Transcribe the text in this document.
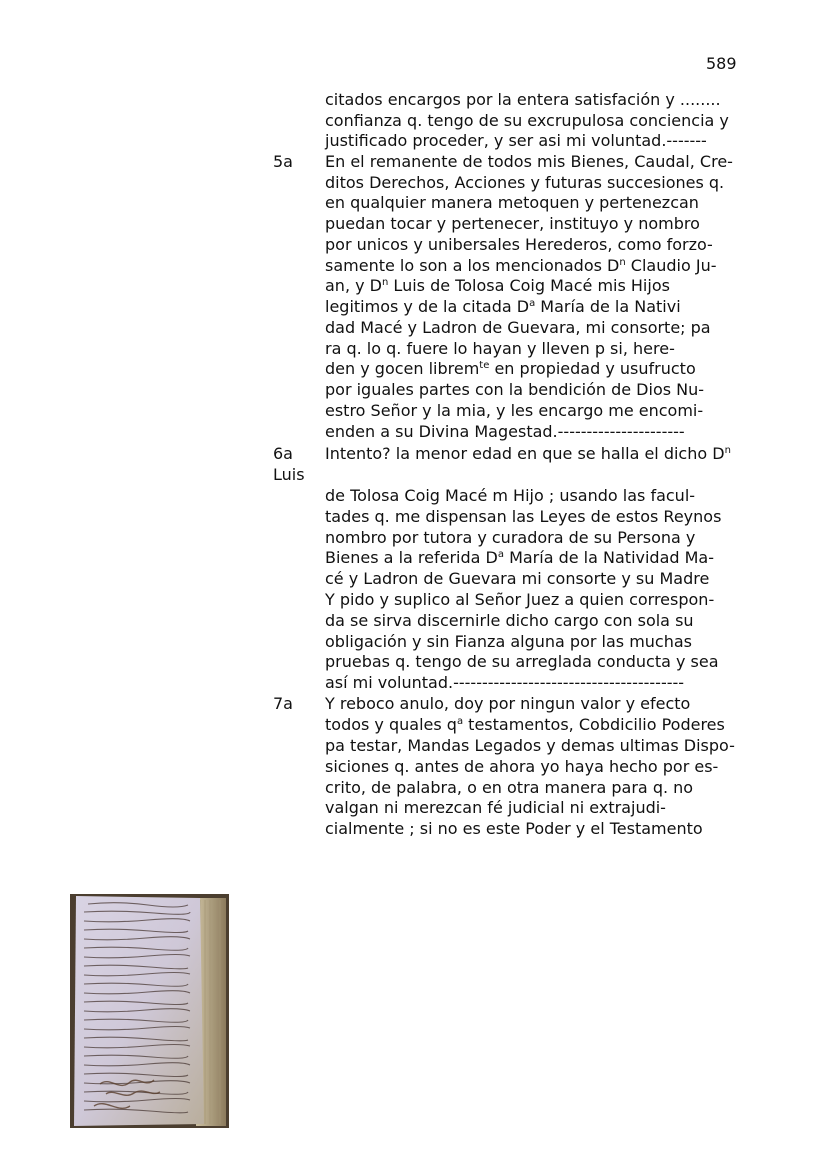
589
5a
6a
Luis
7a
citados encargos por la entera satisfación y ........
confianza q. tengo de su excrupulosa conciencia y
justificado proceder, y ser asi mi voluntad.-------
En el remanente de todos mis Bienes, Caudal, Cre-
ditos Derechos, Acciones y futuras succesiones q.
en qualquier manera metoquen y pertenezcan
puedan tocar y pertenecer, instituyo y nombro
por unicos y unibersales Herederos, como forzo-
samente lo son a los mencionados $D^n$ Claudio Ju-
an, y $D^n$ Luis de Tolosa Coig Macé mis Hijos
legitimos y de la citada $D^a$ María de la Nativi
dad Macé y Ladron de Guevara, mi consorte; pa
ra q. lo q. fuere lo hayan y lleven p si, here-
den y gocen librem$^{te}$ en propiedad y usufructo
por iguales partes con la bendición de Dios Nu-
estro Señor y la mia, y les encargo me encomi-
enden a su Divina Magestad.----------------------
Intento? la menor edad en que se halla el dicho $D^n$
de Tolosa Coig Macé m Hijo ; usando las facul-
tades q. me dispensan las Leyes de estos Reynos
nombro por tutora y curadora de su Persona y
Bienes a la referida $D^a$ María de la Natividad Ma-
cé y Ladron de Guevara mi consorte y su Madre
Y pido y suplico al Señor Juez a quien correspon-
da se sirva discernirle dicho cargo con sola su
obligación y sin Fianza alguna por las muchas
pruebas q. tengo de su arreglada conducta y sea
así mi voluntad.----------------------------------------
Y reboco anulo, doy por ningun valor y efecto
todos y quales $q^a$ testamentos, Cobdicilio Poderes
pa testar, Mandas Legados y demas ultimas Dispo-
siciones q. antes de ahora yo haya hecho por es-
crito, de palabra, o en otra manera para q. no
valgan ni merezcan fé judicial ni extrajudi-
cialmente ; si no es este Poder y el Testamento
